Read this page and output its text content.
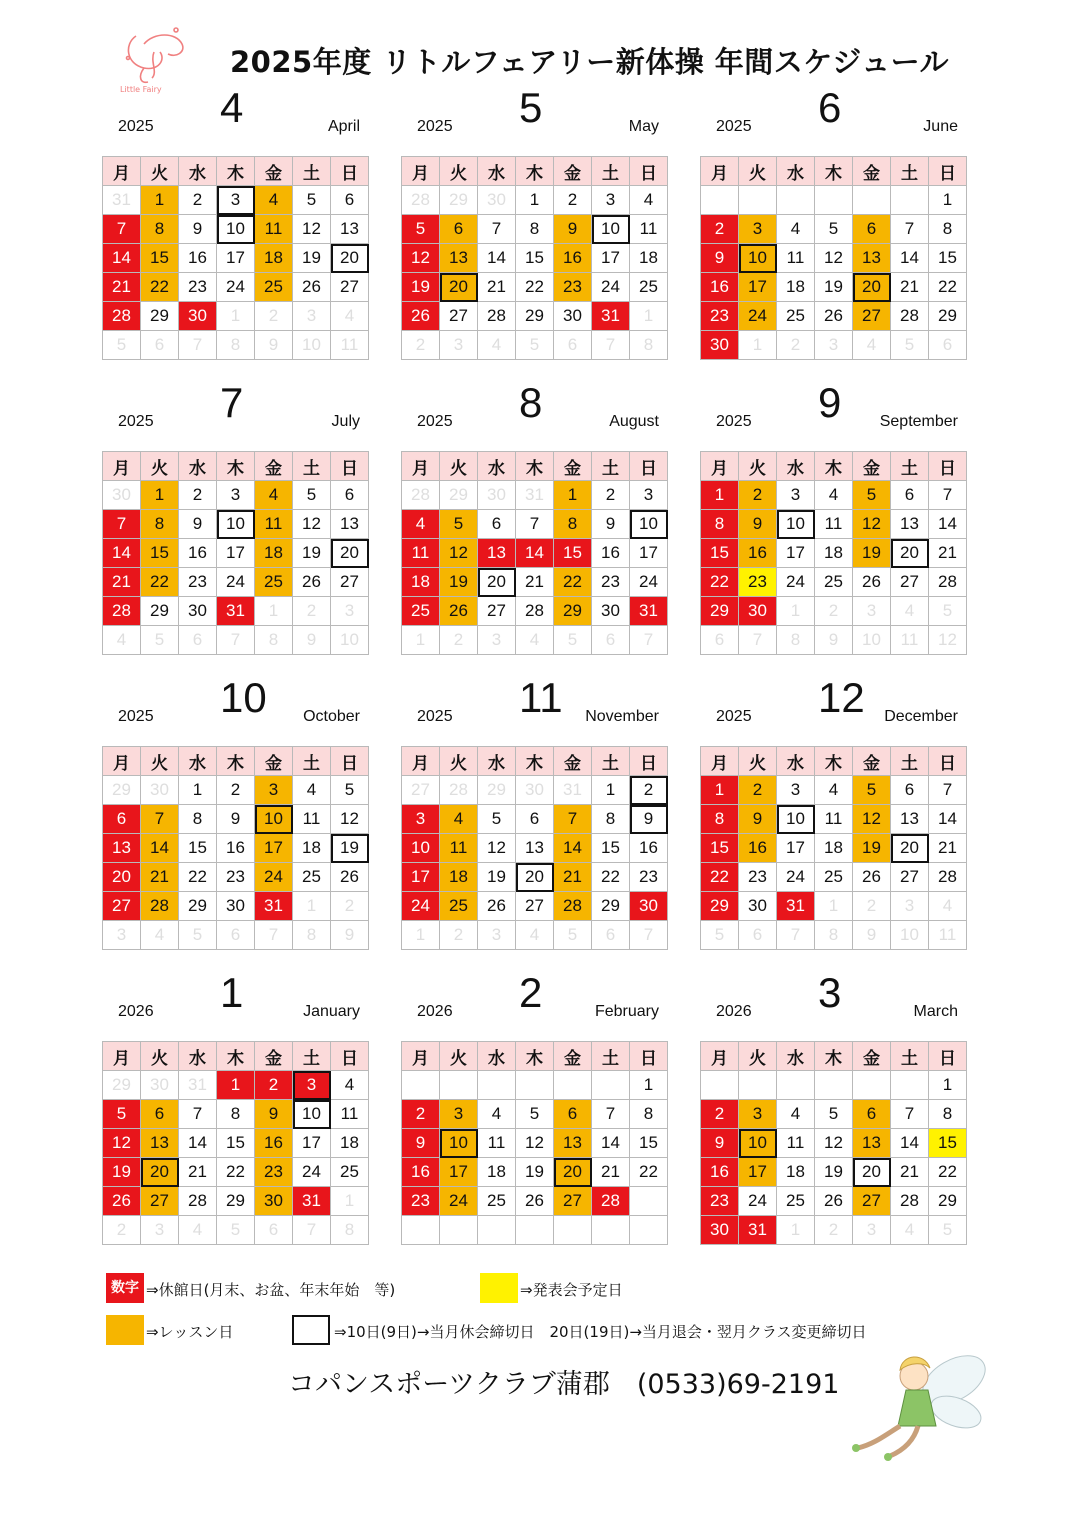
Little Fairy
2025年度 リトルフェアリー新体操 年間スケジュール
2025 4	April
月	火	水	木	金	土	日
31	1	2	3	4	5	6
7	8	9	10	11	12	13
14	15	16	17	18	19	20
21	22	23	24	25	26	27
28	29	30	1	2	3	4
5	6	7	8	9	10	11
2025 5	May
月	火	水	木	金	土	日
28	29	30	1	2	3	4
5	6	7	8	9	10	11
12	13	14	15	16	17	18
19	20	21	22	23	24	25
26	27	28	29	30	31	1
2	3	4	5	6	7	8
2025 6	June
月	火	水	木	金	土	日
						1
2	3	4	5	6	7	8
9	10	11	12	13	14	15
16	17	18	19	20	21	22
23	24	25	26	27	28	29
30	1	2	3	4	5	6
2025 7	July
月	火	水	木	金	土	日
30	1	2	3	4	5	6
7	8	9	10	11	12	13
14	15	16	17	18	19	20
21	22	23	24	25	26	27
28	29	30	31	1	2	3
4	5	6	7	8	9	10
2025 8	August
月	火	水	木	金	土	日
28	29	30	31	1	2	3
4	5	6	7	8	9	10
11	12	13	14	15	16	17
18	19	20	21	22	23	24
25	26	27	28	29	30	31
1	2	3	4	5	6	7
2025 9	September
月	火	水	木	金	土	日
1	2	3	4	5	6	7
8	9	10	11	12	13	14
15	16	17	18	19	20	21
22	23	24	25	26	27	28
29	30	1	2	3	4	5
6	7	8	9	10	11	12
2025 10 October
月	火	水	木	金	土	日
29	30	1	2	3	4	5
6	7	8	9	10	11	12
13	14	15	16	17	18	19
20	21	22	23	24	25	26
27	28	29	30	31	1	2
3	4	5	6	7	8	9
2025 11 November
月	火	水	木	金	土	日
27	28	29	30	31	1	2
3	4	5	6	7	8	9
10	11	12	13	14	15	16
17	18	19	20	21	22	23
24	25	26	27	28	29	30
1	2	3	4	5	6	7
2025 12 December
月	火	水	木	金	土	日
1	2	3	4	5	6	7
8	9	10	11	12	13	14
15	16	17	18	19	20	21
22	23	24	25	26	27	28
29	30	31	1	2	3	4
5	6	7	8	9	10	11
2026 1	January
月	火	水	木	金	土	日
29	30	31	1	2	3	4
5	6	7	8	9	10	11
12	13	14	15	16	17	18
19	20	21	22	23	24	25
26	27	28	29	30	31	1
2	3	4	5	6	7	8
2026 2	February
月	火	水	木	金	土	日
						1
2	3	4	5	6	7	8
9	10	11	12	13	14	15
16	17	18	19	20	21	22
23	24	25	26	27	28	

2026 3	March
月	火	水	木	金	土	日
						1
2	3	4	5	6	7	8
9	10	11	12	13	14	15
16	17	18	19	20	21	22
23	24	25	26	27	28	29
30	31	1	2	3	4	5
数字 ⇒休館日(月末、お盆、年末年始　等)	⇒発表会予定日
⇒レッスン日	⇒10日(9日)→当月休会締切日　20日(19日)→当月退会・翌月クラス変更締切日
コパンスポーツクラブ蒲郡　(0533)69-2191
